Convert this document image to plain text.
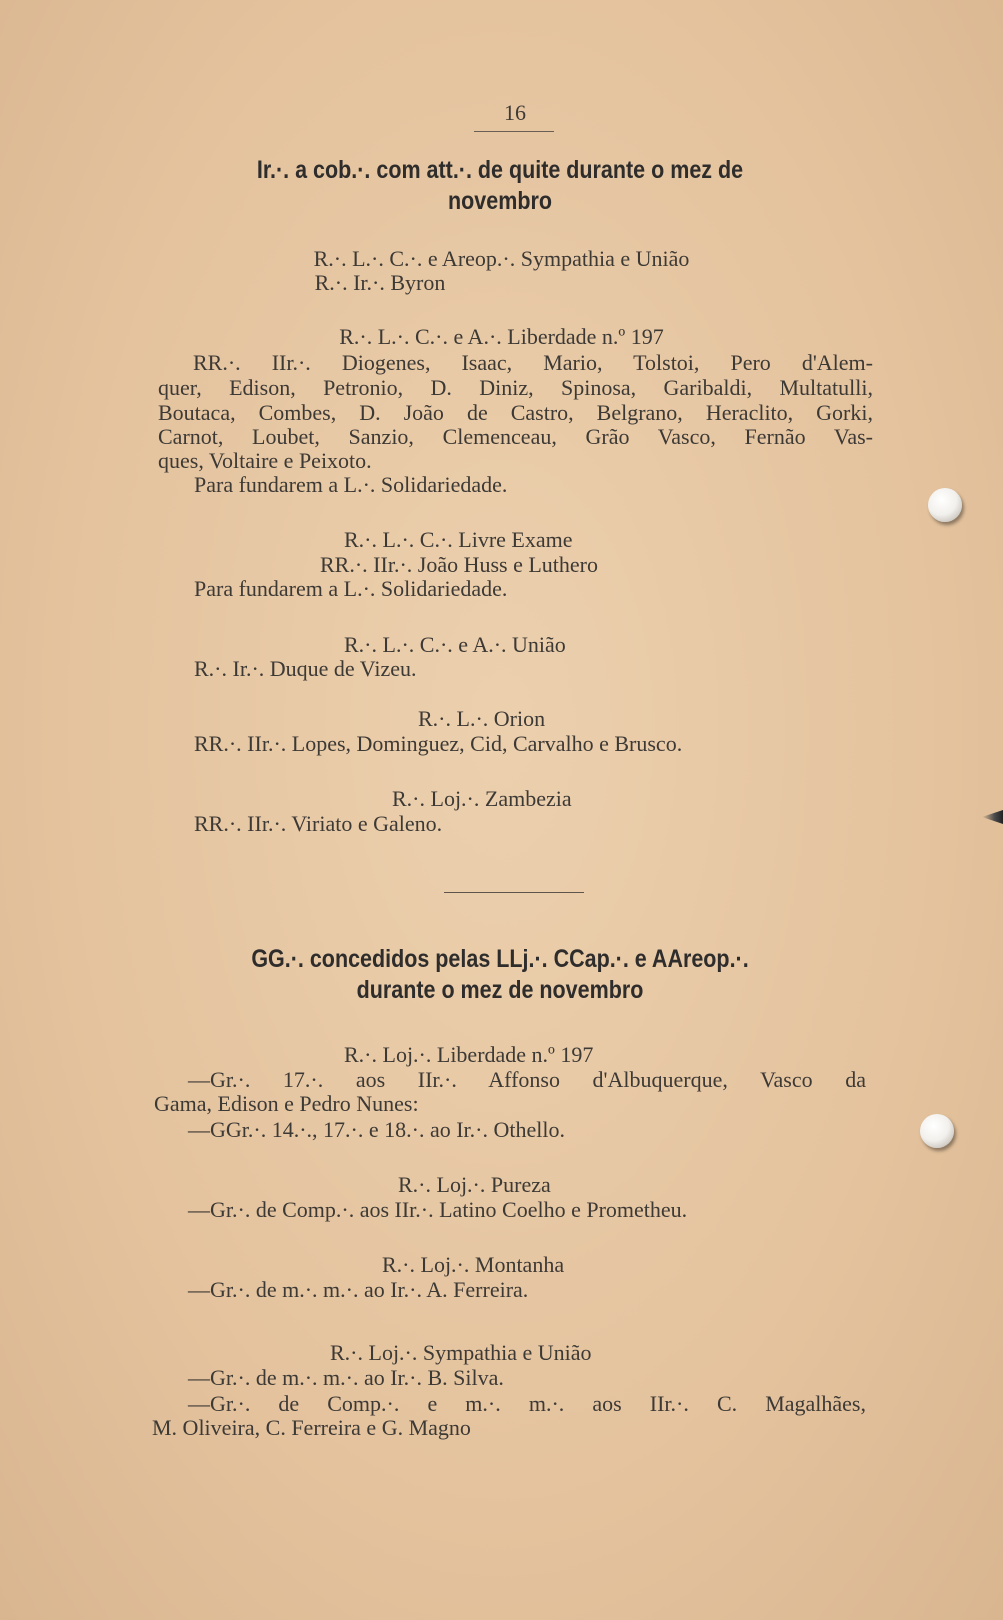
16
Ir.·. a cob.·. com att.·. de quite durante o mez de
novembro
R.·. L.·. C.·. e Areop.·. Sympathia e União
R.·. Ir.·. Byron
R.·. L.·. C.·. e A.·. Liberdade n.º 197
RR.·. IIr.·. Diogenes, Isaac, Mario, Tolstoi, Pero d'Alem-
quer, Edison, Petronio, D. Diniz, Spinosa, Garibaldi, Multatulli,
Boutaca, Combes, D. João de Castro, Belgrano, Heraclito, Gorki,
Carnot, Loubet, Sanzio, Clemenceau, Grão Vasco, Fernão Vas-
ques, Voltaire e Peixoto.
Para fundarem a L.·. Solidariedade.
R.·. L.·. C.·. Livre Exame
RR.·. IIr.·. João Huss e Luthero
Para fundarem a L.·. Solidariedade.
R.·. L.·. C.·. e A.·. União
R.·. Ir.·. Duque de Vizeu.
R.·. L.·. Orion
RR.·. IIr.·. Lopes, Dominguez, Cid, Carvalho e Brusco.
R.·. Loj.·. Zambezia
RR.·. IIr.·. Viriato e Galeno.
GG.·. concedidos pelas LLj.·. CCap.·. e AAreop.·.
durante o mez de novembro
R.·. Loj.·. Liberdade n.º 197
—Gr.·. 17.·. aos IIr.·. Affonso d'Albuquerque, Vasco da
Gama, Edison e Pedro Nunes:
—GGr.·. 14.·., 17.·. e 18.·. ao Ir.·. Othello.
R.·. Loj.·. Pureza
—Gr.·. de Comp.·. aos IIr.·. Latino Coelho e Prometheu.
R.·. Loj.·. Montanha
—Gr.·. de m.·. m.·. ao Ir.·. A. Ferreira.
R.·. Loj.·. Sympathia e União
—Gr.·. de m.·. m.·. ao Ir.·. B. Silva.
—Gr.·. de Comp.·. e m.·. m.·. aos IIr.·. C. Magalhães,
M. Oliveira, C. Ferreira e G. Magno
